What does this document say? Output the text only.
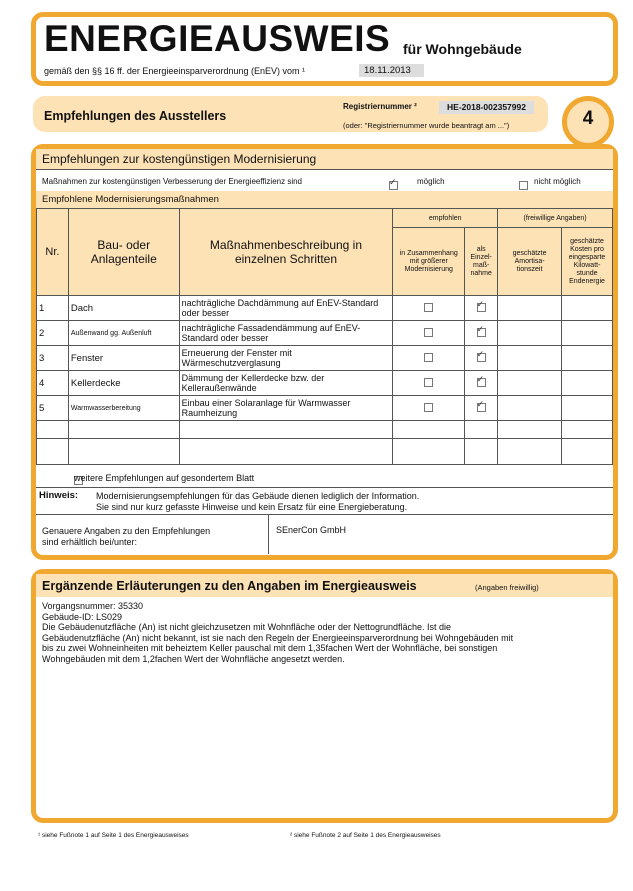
ENERGIEAUSWEIS für Wohngebäude
gemäß den §§ 16 ff. der Energieeinsparverordnung (EnEV) vom ¹	18.11.2013
Empfehlungen des Ausstellers
Registriernummer ²	HE-2018-002357992
(oder: "Registriernummer wurde beantragt am ...")	4
Empfehlungen zur kostengünstigen Modernisierung
Maßnahmen zur kostengünstigen Verbesserung der Energieeffizienz sind ✓	möglich
	nicht möglich
Empfohlene Modernisierungsmaßnahmen
Nr.	Bau- oder Anlagenteile	Maßnahmenbeschreibung in einzelnen Schritten	empfohlen		(freiwillige Angaben)	
			in Zusammenhang mit größerer Modernisierung	als Einzel-maß-nahme	geschätzte Amortisa-tionszeit	geschätzte Kosten pro eingesparte Kilowatt-stunde Endenergie
1	Dach	nachträgliche Dachdämmung auf EnEV-Standard oder besser		✓		
2	Außenwand gg. Außenluft	nachträgliche Fassadendämmung auf EnEV-Standard oder besser		✓		
3	Fenster	Erneuerung der Fenster mit Wärmeschutzverglasung		✓		
4	Kellerdecke	Dämmung der Kellerdecke bzw. der Kelleraußenwände		✓		
5	Warmwasserbereitung	Einbau einer Solaranlage für Warmwasser Raumheizung		✓		

weitere Empfehlungen auf gesondertem Blatt
Hinweis: Modernisierungsempfehlungen für das Gebäude dienen lediglich der Information.
Sie sind nur kurz gefasste Hinweise und kein Ersatz für eine Energieberatung.
Genauere Angaben zu den Empfehlungen
sind erhältlich bei/unter:
SEnerCon GmbH
Ergänzende Erläuterungen zu den Angaben im Energieausweis	(Angaben freiwillig)
Vorgangsnummer: 35330
Gebäude-ID: LS029
Die Gebäudenutzfläche (An) ist nicht gleichzusetzen mit Wohnfläche oder der Nettogrundfläche. Ist die
Gebäudenutzfläche (An) nicht bekannt, ist sie nach den Regeln der Energieeinsparverordnung bei Wohngebäuden mit
bis zu zwei Wohneinheiten mit beheiztem Keller pauschal mit dem 1,35fachen Wert der Wohnfläche, bei sonstigen
Wohngebäuden mit dem 1,2fachen Wert der Wohnfläche angesetzt werden.
¹ siehe Fußnote 1 auf Seite 1 des Energieausweises	² siehe Fußnote 2 auf Seite 1 des Energieausweises
